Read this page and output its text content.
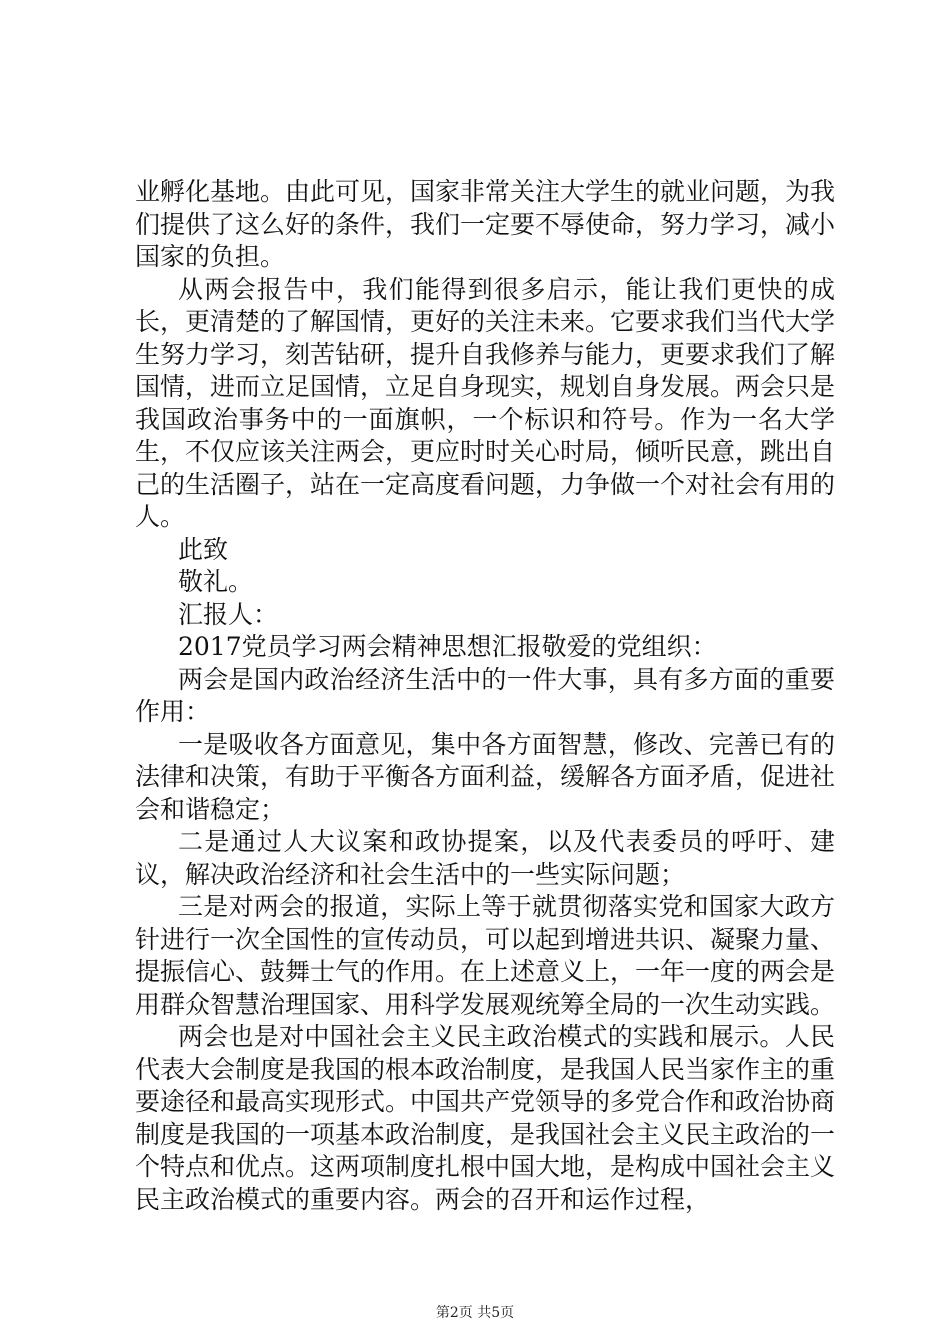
业孵化基地。由此可见，国家非常关注大学生的就业问题，为我们提供了这么好的条件，我们一定要不辱使命，努力学习，减小国家的负担。

从两会报告中，我们能得到很多启示，能让我们更快的成长，更清楚的了解国情，更好的关注未来。它要求我们当代大学生努力学习，刻苦钻研，提升自我修养与能力，更要求我们了解国情，进而立足国情，立足自身现实，规划自身发展。两会只是我国政治事务中的一面旗帜，一个标识和符号。作为一名大学生，不仅应该关注两会，更应时时关心时局，倾听民意，跳出自己的生活圈子，站在一定高度看问题，力争做一个对社会有用的人。

此致

敬礼。

汇报人：

2017党员学习两会精神思想汇报敬爱的党组织：

两会是国内政治经济生活中的一件大事，具有多方面的重要作用：

一是吸收各方面意见，集中各方面智慧，修改、完善已有的法律和决策，有助于平衡各方面利益，缓解各方面矛盾，促进社会和谐稳定；

二是通过人大议案和政协提案，以及代表委员的呼吁、建议，解决政治经济和社会生活中的一些实际问题；

三是对两会的报道，实际上等于就贯彻落实党和国家大政方针进行一次全国性的宣传动员，可以起到增进共识、凝聚力量、提振信心、鼓舞士气的作用。在上述意义上，一年一度的两会是用群众智慧治理国家、用科学发展观统筹全局的一次生动实践。

两会也是对中国社会主义民主政治模式的实践和展示。人民代表大会制度是我国的根本政治制度，是我国人民当家作主的重要途径和最高实现形式。中国共产党领导的多党合作和政治协商制度是我国的一项基本政治制度，是我国社会主义民主政治的一个特点和优点。这两项制度扎根中国大地，是构成中国社会主义民主政治模式的重要内容。两会的召开和运作过程，

第2页 共5页
